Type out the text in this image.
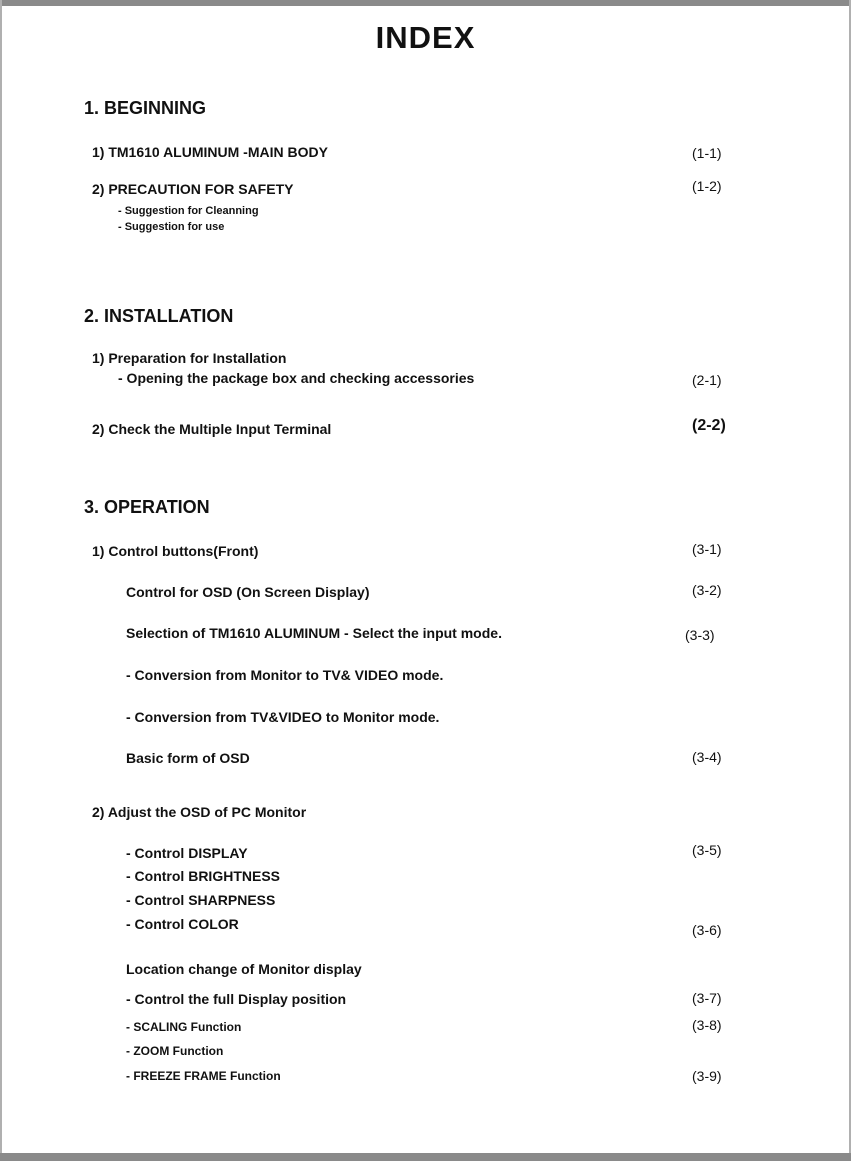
INDEX
1. BEGINNING
1) TM1610 ALUMINUM -MAIN BODY	(1-1)
2) PRECAUTION FOR SAFETY	(1-2)
- Suggestion for Cleanning
- Suggestion for use
2. INSTALLATION
1) Preparation for Installation
- Opening the package box and checking accessories	(2-1)
2) Check the Multiple Input Terminal	(2-2)
3. OPERATION
1) Control buttons(Front)	(3-1)
Control for OSD (On Screen Display)	(3-2)
Selection of TM1610 ALUMINUM - Select the input mode.	(3-3)
- Conversion from Monitor to TV& VIDEO mode.
- Conversion from TV&VIDEO to Monitor mode.
Basic form of OSD	(3-4)
2) Adjust the OSD of PC Monitor
- Control DISPLAY	(3-5)
- Control BRIGHTNESS
- Control SHARPNESS
- Control COLOR	(3-6)
Location change of Monitor display
- Control the full Display position	(3-7)
- SCALING Function	(3-8)
- ZOOM Function
- FREEZE FRAME Function	(3-9)
